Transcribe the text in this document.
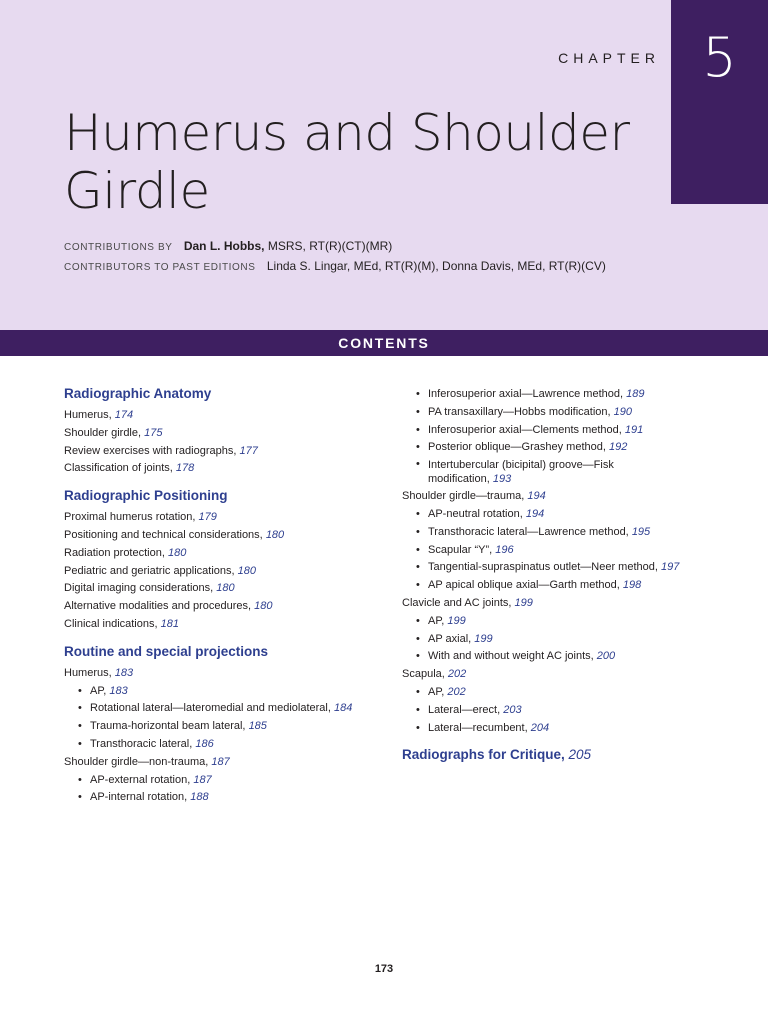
CHAPTER
Humerus and Shoulder Girdle
CONTRIBUTIONS BY Dan L. Hobbs, MSRS, RT(R)(CT)(MR)
CONTRIBUTORS TO PAST EDITIONS Linda S. Lingar, MEd, RT(R)(M), Donna Davis, MEd, RT(R)(CV)
5
CONTENTS
Radiographic Anatomy
Humerus, 174
Shoulder girdle, 175
Review exercises with radiographs, 177
Classification of joints, 178
Radiographic Positioning
Proximal humerus rotation, 179
Positioning and technical considerations, 180
Radiation protection, 180
Pediatric and geriatric applications, 180
Digital imaging considerations, 180
Alternative modalities and procedures, 180
Clinical indications, 181
Routine and special projections
Humerus, 183
• AP, 183
• Rotational lateral—lateromedial and mediolateral, 184
• Trauma-horizontal beam lateral, 185
• Transthoracic lateral, 186
Shoulder girdle—non-trauma, 187
• AP-external rotation, 187
• AP-internal rotation, 188
• Inferosuperior axial—Lawrence method, 189
• PA transaxillary—Hobbs modification, 190
• Inferosuperior axial—Clements method, 191
• Posterior oblique—Grashey method, 192
• Intertubercular (bicipital) groove—Fisk modification, 193
Shoulder girdle—trauma, 194
• AP-neutral rotation, 194
• Transthoracic lateral—Lawrence method, 195
• Scapular “Y”, 196
• Tangential-supraspinatus outlet—Neer method, 197
• AP apical oblique axial—Garth method, 198
Clavicle and AC joints, 199
• AP, 199
• AP axial, 199
• With and without weight AC joints, 200
Scapula, 202
• AP, 202
• Lateral—erect, 203
• Lateral—recumbent, 204
Radiographs for Critique, 205
173
